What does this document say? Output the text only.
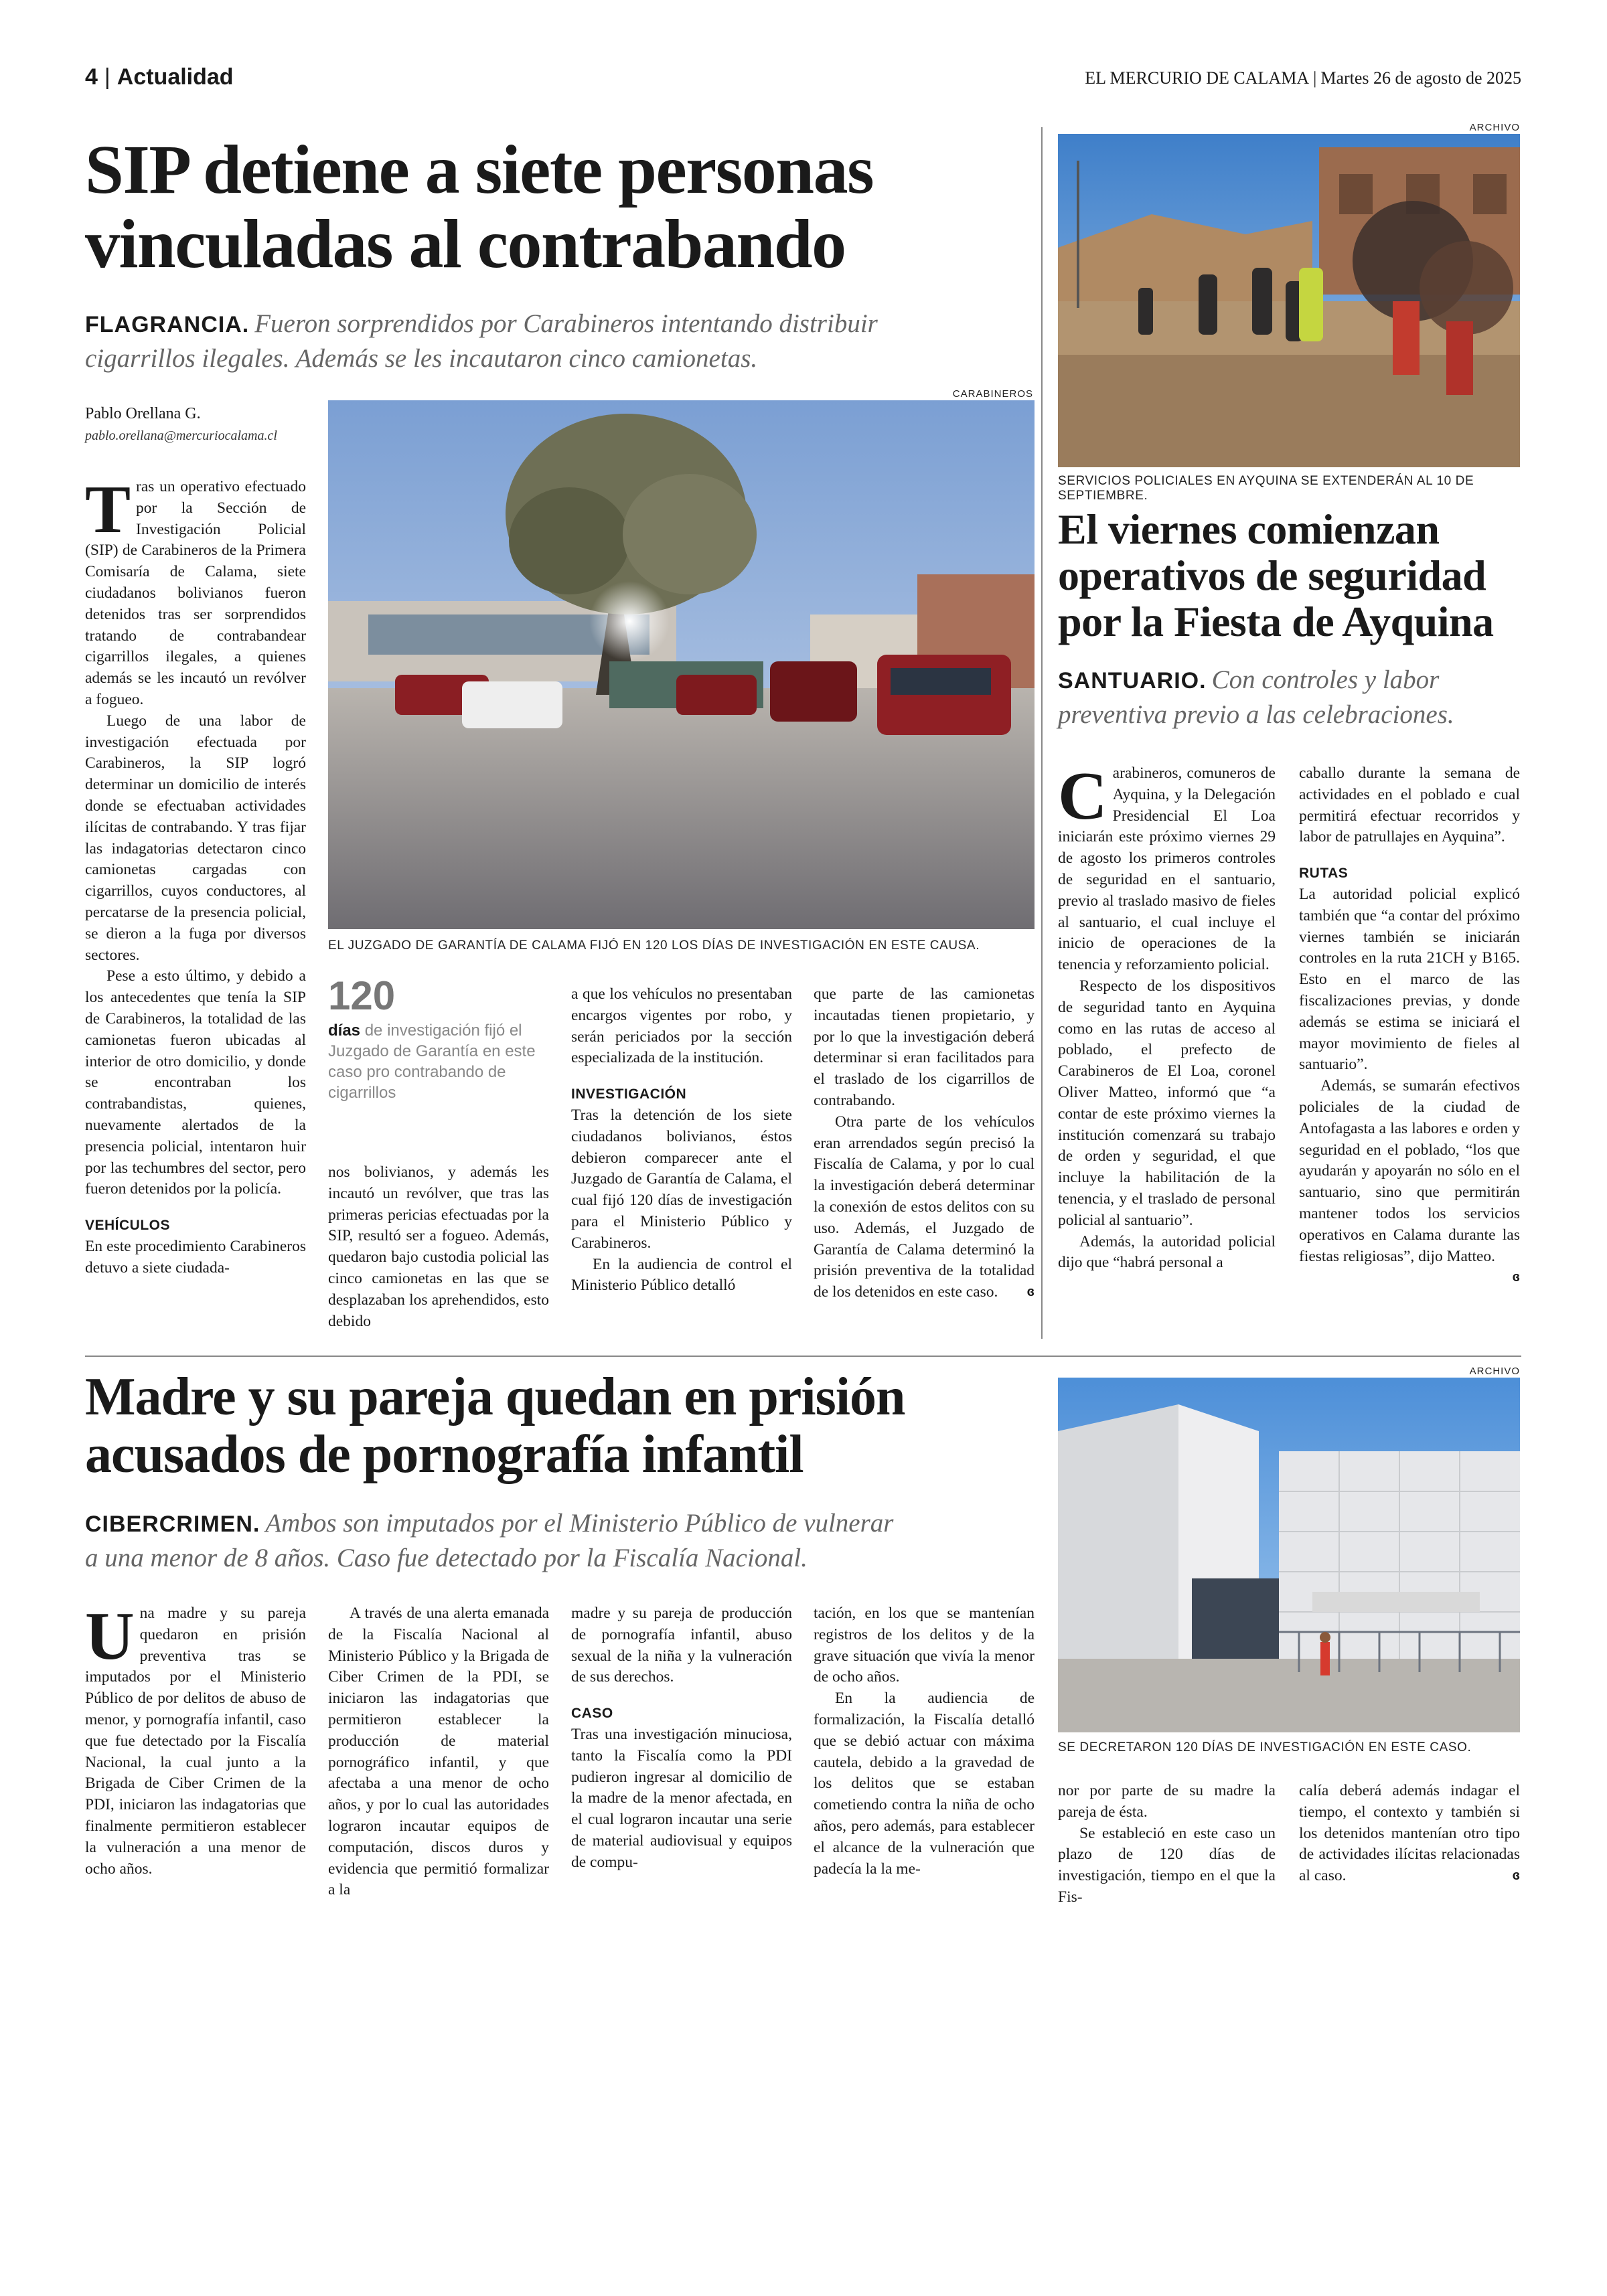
4 | Actualidad	EL MERCURIO DE CALAMA | Martes 26 de agosto de 2025
SIP detiene a siete personas
vinculadas al contrabando
FLAGRANCIA. Fueron sorprendidos por Carabineros intentando distribuir
cigarrillos ilegales. Además se les incautaron cinco camionetas.
Pablo Orellana G.
pablo.orellana@mercuriocalama.cl
CARABINEROS
EL JUZGADO DE GARANTÍA DE CALAMA FIJÓ EN 120 LOS DÍAS DE INVESTIGACIÓN EN ESTE CAUSA.

Tras un operativo efectuado por la Sección de Investigación Policial (SIP) de Carabineros de la Primera Comisaría de Calama, siete ciudadanos bolivianos fueron detenidos tras ser sorprendidos tratando de contrabandear cigarrillos ilegales, a quienes además se les incautó un revólver a fogueo.

Luego de una labor de investigación efectuada por Carabineros, la SIP logró determinar un domicilio de interés donde se efectuaban actividades ilícitas de contrabando. Y tras fijar las indagatorias detectaron cinco camionetas cargadas con cigarrillos, cuyos conductores, al percatarse de la presencia policial, se dieron a la fuga por diversos sectores.

Pese a esto último, y debido a los antecedentes que tenía la SIP de Carabineros, la totalidad de las camionetas fueron ubicadas al interior de otro domicilio, y donde se encontraban los contrabandistas, quienes, nuevamente alertados de la presencia policial, intentaron huir por las techumbres del sector, pero fueron detenidos por la policía.

VEHÍCULOS

En este procedimiento Carabineros detuvo a siete ciudada-

120
días de investigación fijó el Juzgado de Garantía en este caso pro contrabando de cigarrillos

nos bolivianos, y además les incautó un revólver, que tras las primeras pericias efectuadas por la SIP, resultó ser a fogueo. Además, quedaron bajo custodia policial las cinco camionetas en las que se desplazaban los aprehendidos, esto debido

a que los vehículos no presentaban encargos vigentes por robo, y serán periciados por la sección especializada de la institución.

INVESTIGACIÓN

Tras la detención de los siete ciudadanos bolivianos, éstos debieron comparecer ante el Juzgado de Garantía de Calama, el cual fijó 120 días de investigación para el Ministerio Público y Carabineros.

En la audiencia de control el Ministerio Público detalló

que parte de las camionetas incautadas tienen propietario, y por lo que la investigación deberá determinar si eran facilitados para el traslado de los cigarrillos de contrabando.

Otra parte de los vehículos eran arrendados según precisó la Fiscalía de Calama, y por lo cual la investigación deberá determinar la conexión de estos delitos con su uso. Además, el Juzgado de Garantía de Calama determinó la prisión preventiva de la totalidad de los detenidos en este caso.	ɞ

ARCHIVO
SERVICIOS POLICIALES EN AYQUINA SE EXTENDERÁN AL 10 DE SEPTIEMBRE.
El viernes comienzan
operativos de seguridad
por la Fiesta de Ayquina
SANTUARIO. Con controles y labor
preventiva previo a las celebraciones.

Carabineros, comuneros de Ayquina, y la Delegación Presidencial El Loa iniciarán este próximo viernes 29 de agosto los primeros controles de seguridad en el santuario, previo al traslado masivo de fieles al santuario, el cual incluye el inicio de operaciones de la tenencia y reforzamiento policial.

Respecto de los dispositivos de seguridad tanto en Ayquina como en las rutas de acceso al poblado, el prefecto de Carabineros de El Loa, coronel Oliver Matteo, informó que “a contar de este próximo viernes la institución comenzará su trabajo de orden y seguridad, el que incluye la habilitación de la tenencia, y el traslado de personal policial al santuario”.

Además, la autoridad policial dijo que “habrá personal a

caballo durante la semana de actividades en el poblado e cual permitirá efectuar recorridos y labor de patrullajes en Ayquina”.

RUTAS

La autoridad policial explicó también que “a contar del próximo viernes también se iniciarán controles en la ruta 21CH y B165. Esto en el marco de las fiscalizaciones previas, y donde además se estima se iniciará el mayor movimiento de fieles al santuario”.

Además, se sumarán efectivos policiales de la ciudad de Antofagasta a las labores e orden y seguridad en el poblado, “los que ayudarán y apoyarán no sólo en el santuario, sino que permitirán mantener todos los servicios operativos en Calama durante las fiestas religiosas”, dijo Matteo.
ɞ

Madre y su pareja quedan en prisión
acusados de pornografía infantil
CIBERCRIMEN. Ambos son imputados por el Ministerio Público de vulnerar
a una menor de 8 años. Caso fue detectado por la Fiscalía Nacional.
ARCHIVO
SE DECRETARON 120 DÍAS DE INVESTIGACIÓN EN ESTE CASO.

Una madre y su pareja quedaron en prisión preventiva tras se imputados por el Ministerio Público de por delitos de abuso de menor, y pornografía infantil, caso que fue detectado por la Fiscalía Nacional, la cual junto a la Brigada de Ciber Crimen de la PDI, iniciaron las indagatorias que finalmente permitieron establecer la vulneración a una menor de ocho años.

A través de una alerta emanada de la Fiscalía Nacional al Ministerio Público y la Brigada de Ciber Crimen de la PDI, se iniciaron las indagatorias que permitieron establecer la producción de material pornográfico infantil, y que afectaba a una menor de ocho años, y por lo cual las autoridades lograron incautar equipos de computación, discos duros y evidencia que permitió formalizar a la

madre y su pareja de producción de pornografía infantil, abuso sexual de la niña y la vulneración de sus derechos.

CASO

Tras una investigación minuciosa, tanto la Fiscalía como la PDI pudieron ingresar al domicilio de la madre de la menor afectada, en el cual lograron incautar una serie de material audiovisual y equipos de compu-

tación, en los que se mantenían registros de los delitos y de la grave situación que vivía la menor de ocho años.

En la audiencia de formalización, la Fiscalía detalló que se debió actuar con máxima cautela, debido a la gravedad de los delitos que se estaban cometiendo contra la niña de ocho años, pero además, para establecer el alcance de la vulneración que padecía la la me-

nor por parte de su madre la pareja de ésta.

Se estableció en este caso un plazo de 120 días de investigación, tiempo en el que la Fis-

calía deberá además indagar el tiempo, el contexto y también si los detenidos mantenían otro tipo de actividades ilícitas relacionadas al caso.	ɞ
